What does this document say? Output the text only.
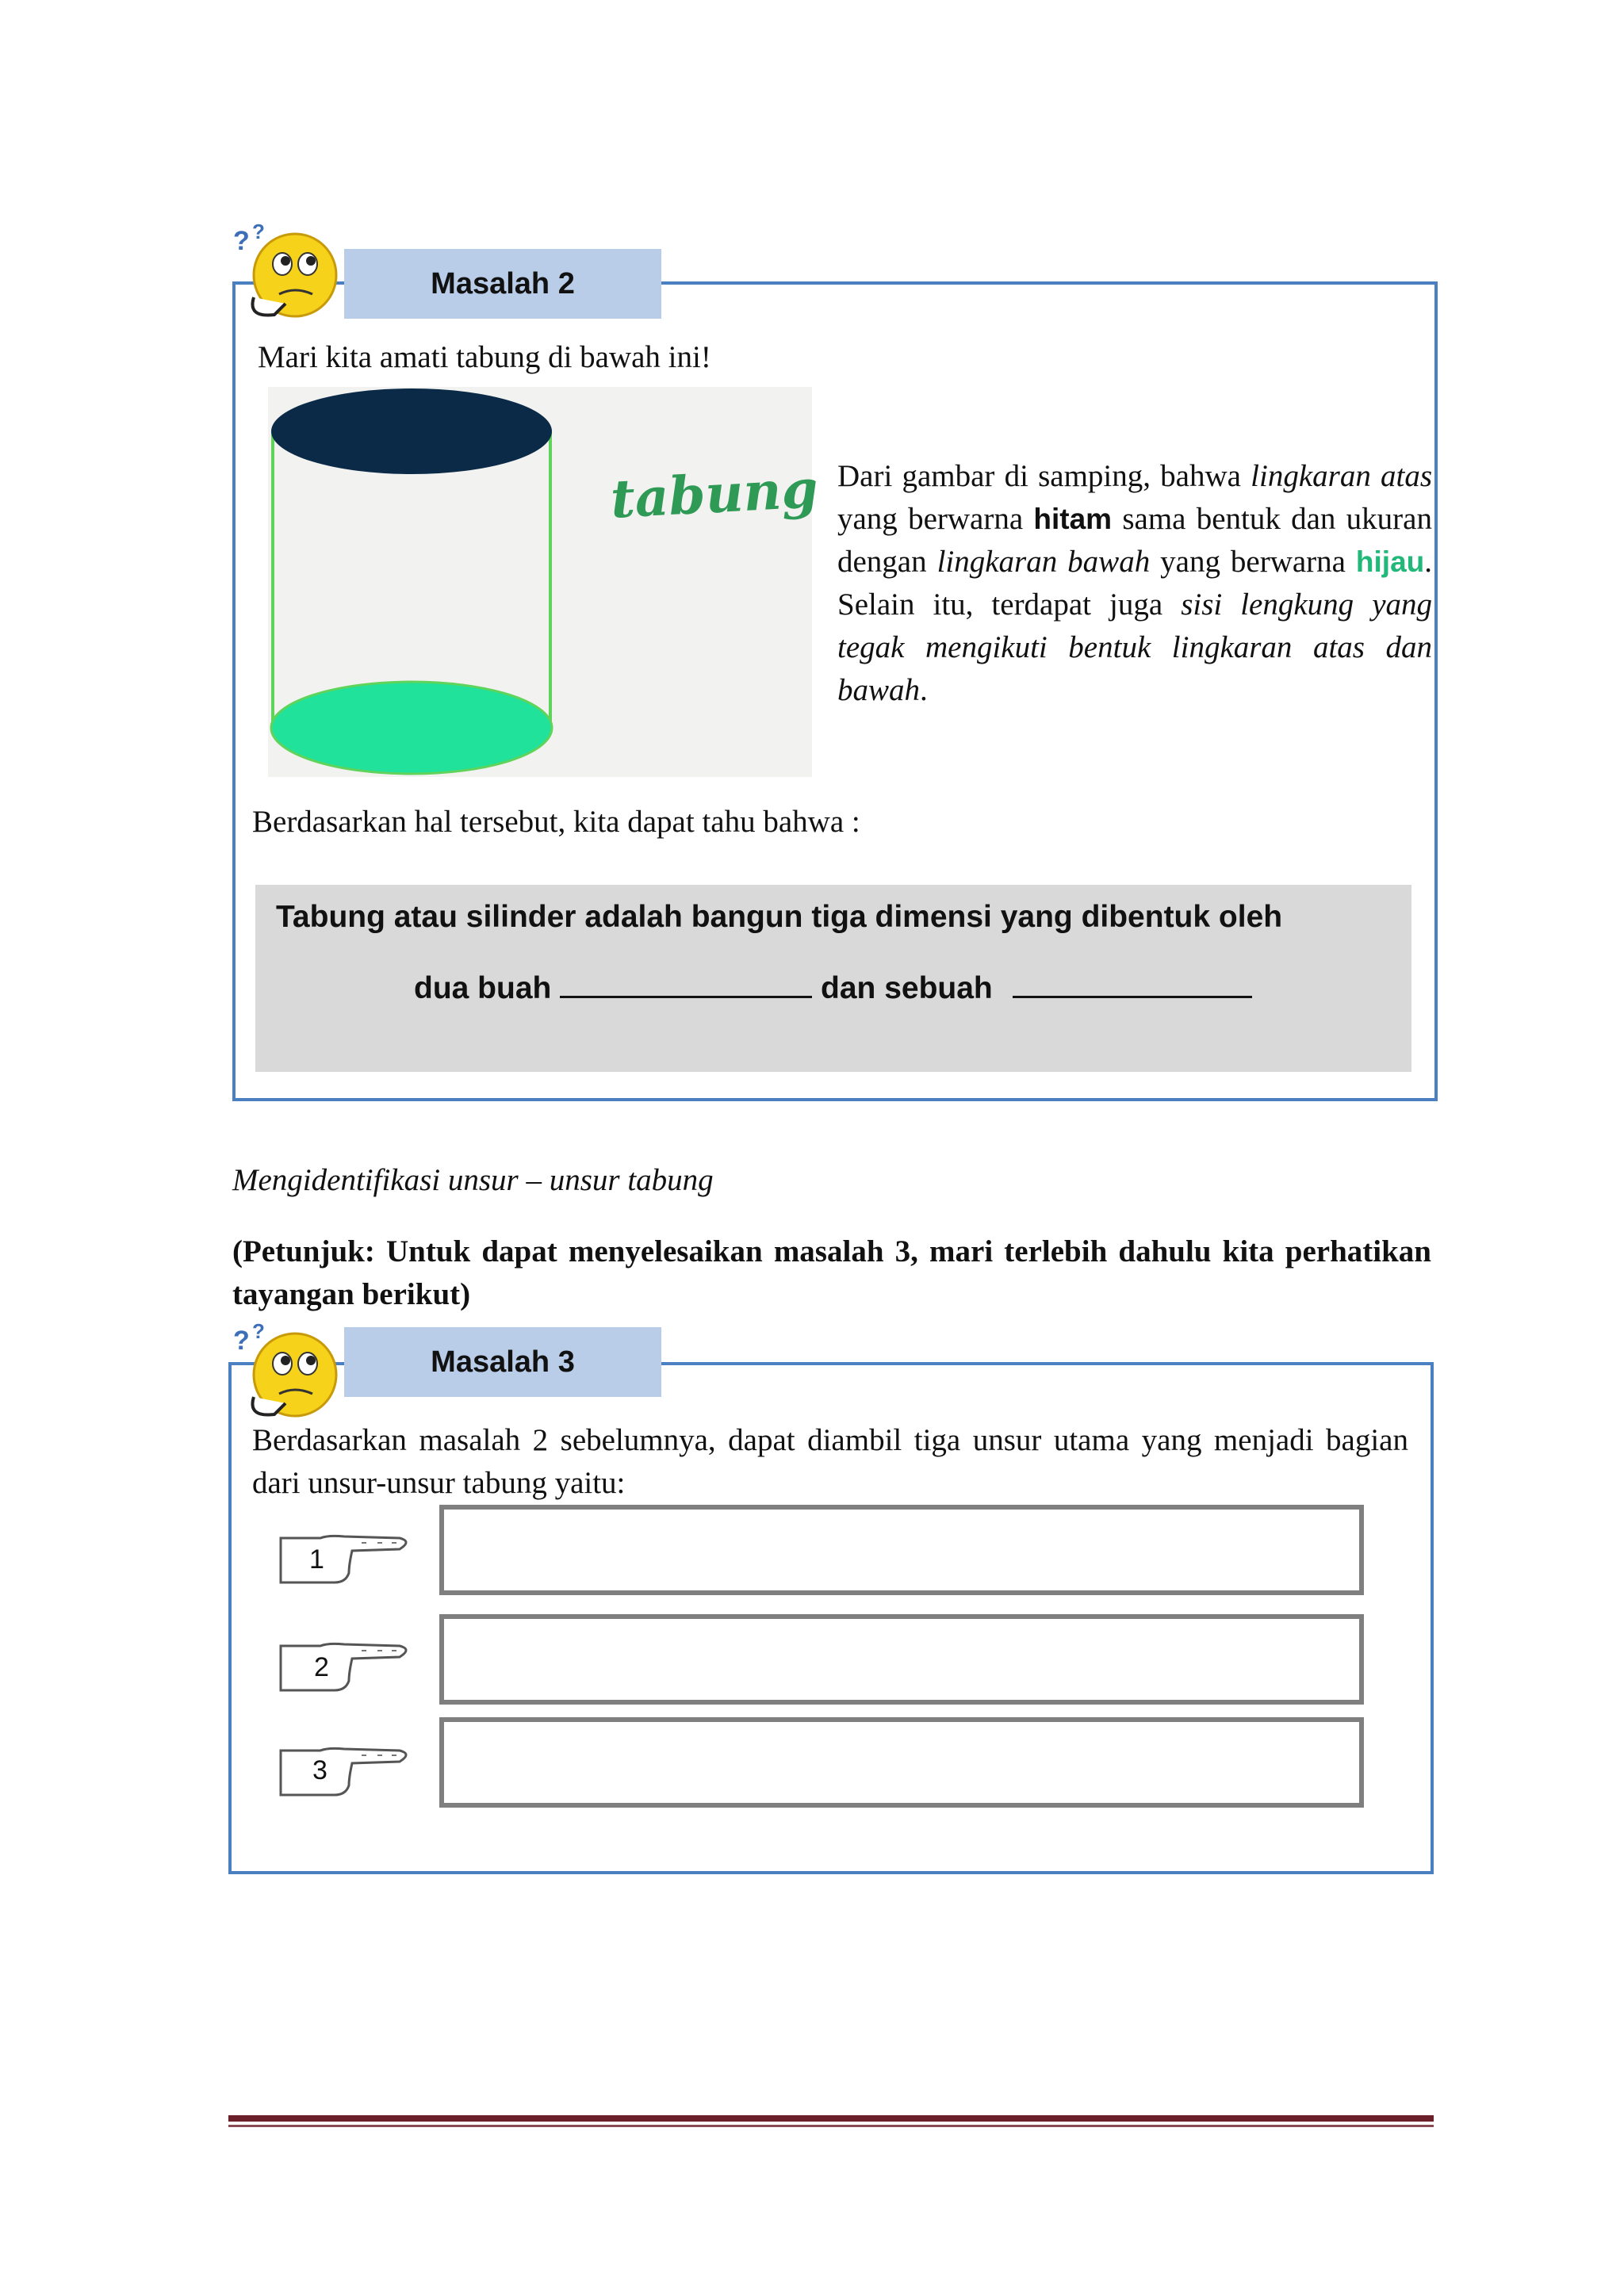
? ?
Masalah 2
Mari kita amati tabung di bawah ini!
tabung Dari gambar di samping, bahwa lingkaran atas yang berwarna hitam sama bentuk dan ukuran dengan lingkaran bawah yang berwarna hijau. Selain itu, terdapat juga sisi lengkung yang tegak mengikuti bentuk lingkaran atas dan bawah.
Berdasarkan hal tersebut, kita dapat tahu bahwa :
Tabung atau silinder adalah bangun tiga dimensi yang dibentuk oleh
dua buah	dan sebuah
Mengidentifikasi unsur – unsur tabung
(Petunjuk: Untuk dapat menyelesaikan masalah 3, mari terlebih dahulu kita perhatikan tayangan berikut)
? ?
Masalah 3
Berdasarkan masalah 2 sebelumnya, dapat diambil tiga unsur utama yang menjadi bagian dari unsur-unsur tabung yaitu:
1
2
3
